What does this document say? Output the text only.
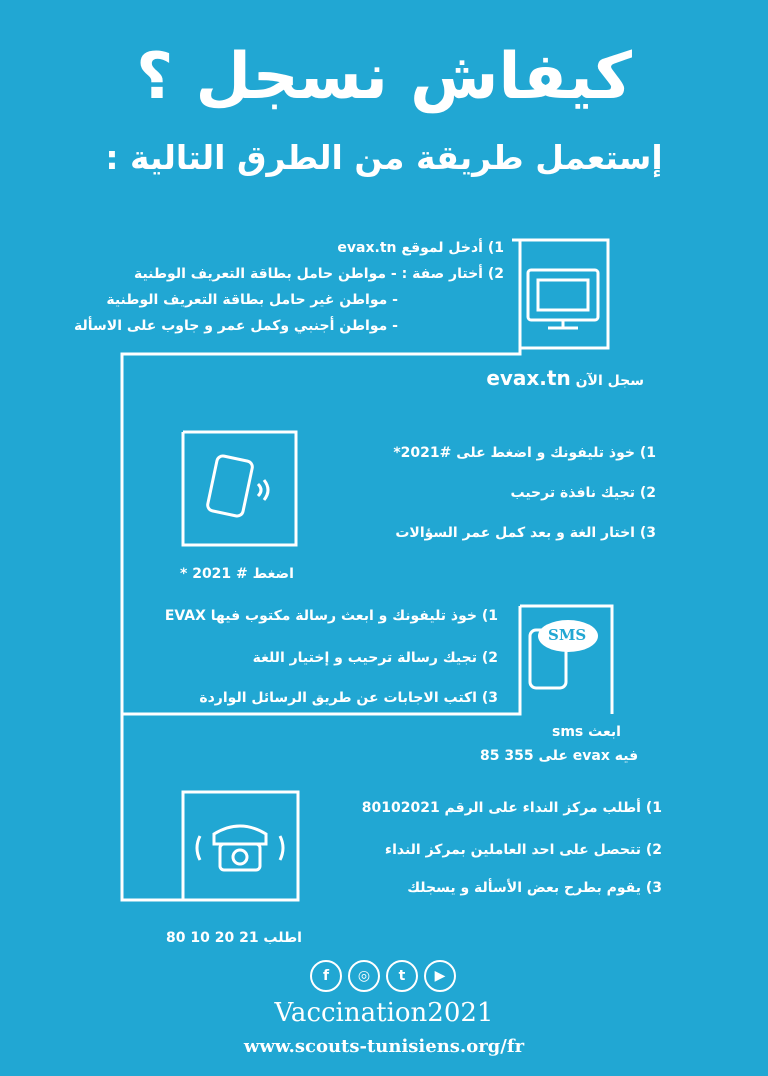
SMS
كيفاش نسجل ؟
إستعمل طريقة من الطرق التالية :
1) أدخل لموقع evax.tn
2) أختار صفة : - مواطن حامل بطاقة التعريف الوطنية
- مواطن غير حامل بطاقة التعريف الوطنية
- مواطن أجنبي وكمل عمر و جاوب على الاسألة
سجل الآن evax.tn
1) خوذ تليفونك و اضغط على #2021*
2) تجيك نافذة ترحيب
3) اختار الغة و بعد كمل عمر السؤالات
اضغط # 2021 *
1) خوذ تليفونك و ابعث رسالة مكتوب فيها EVAX
2) تجيك رسالة ترحيب و إختيار اللغة
3) اكتب الاجابات عن طريق الرسائل الواردة
ابعث sms
فيه evax على 355 85
1) أطلب مركز النداء على الرقم 80102021
2) تتحصل على احد العاملين بمركز النداء
3) يقوم بطرح بعض الأسألة و يسجلك
اطلب 21 20 10 80
f	◎	t	▶
Vaccination2021
www.scouts-tunisiens.org/fr
